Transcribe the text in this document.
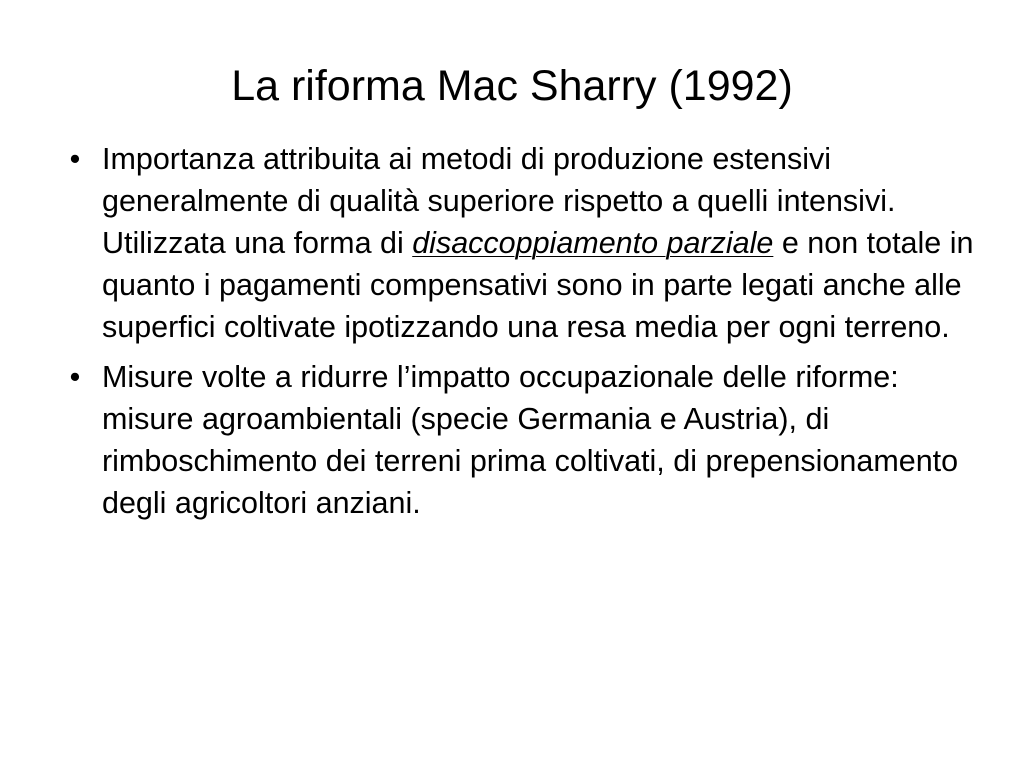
La riforma Mac Sharry (1992)
• Importanza attribuita ai metodi di produzione estensivi generalmente di qualità superiore rispetto a quelli intensivi. Utilizzata una forma di disaccoppiamento parziale e non totale in quanto i pagamenti compensativi sono in parte legati anche alle superfici coltivate ipotizzando una resa media per ogni terreno.
• Misure volte a ridurre l’impatto occupazionale delle riforme: misure agroambientali (specie Germania e Austria), di rimboschimento dei terreni prima coltivati, di prepensionamento degli agricoltori anziani.
